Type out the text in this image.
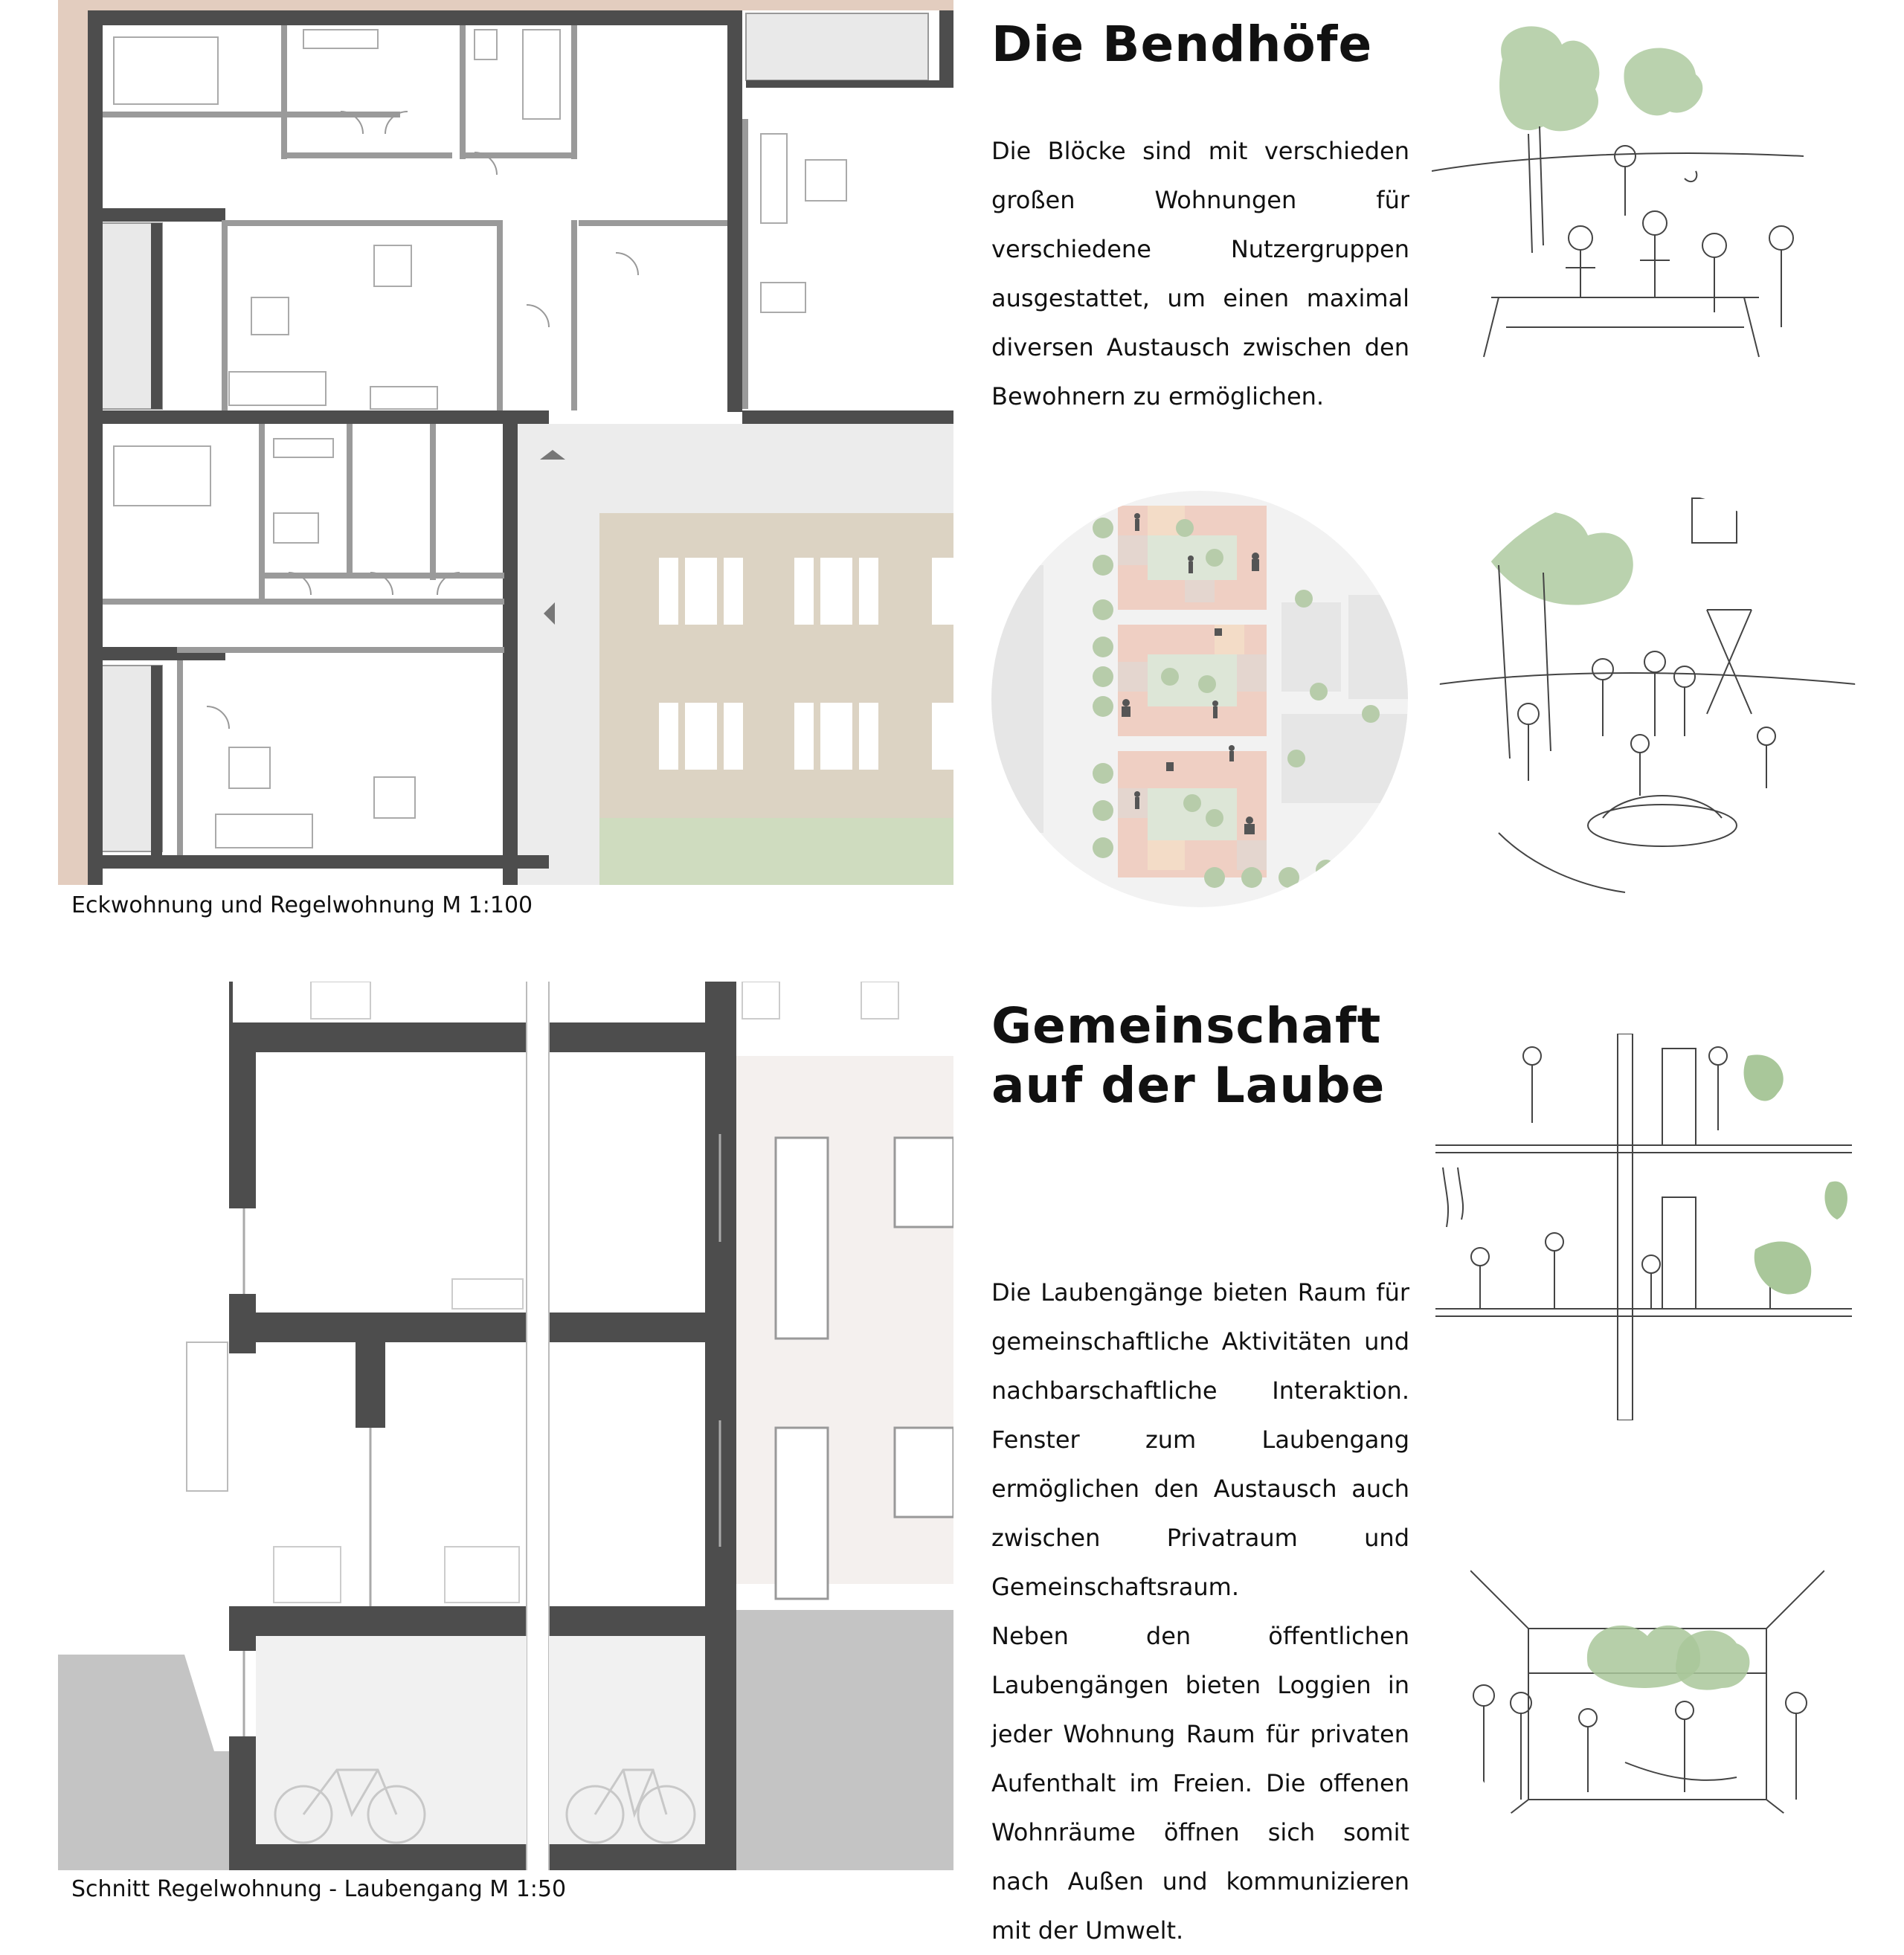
Eckwohnung und Regelwohnung M 1:100
Schnitt Regelwohnung - Laubengang M 1:50
Die Bendhöfe

Die Blöcke sind mit verschieden großen Wohnungen für verschiedene Nutzergruppen ausgestattet, um einen maximal diversen Austausch zwischen den Bewohnern zu ermöglichen.

Gemeinschaft
auf der Laube

Die Laubengänge bieten Raum für gemeinschaftliche Aktivitäten und nachbarschaftliche Interaktion. Fenster zum Laubengang ermöglichen den Austausch auch zwischen Privatraum und Gemeinschaftsraum.

Neben den öffentlichen Laubengängen bieten Loggien in jeder Wohnung Raum für privaten Aufenthalt im Freien. Die offenen Wohnräume öffnen sich somit nach Außen und kommunizieren mit der Umwelt.
